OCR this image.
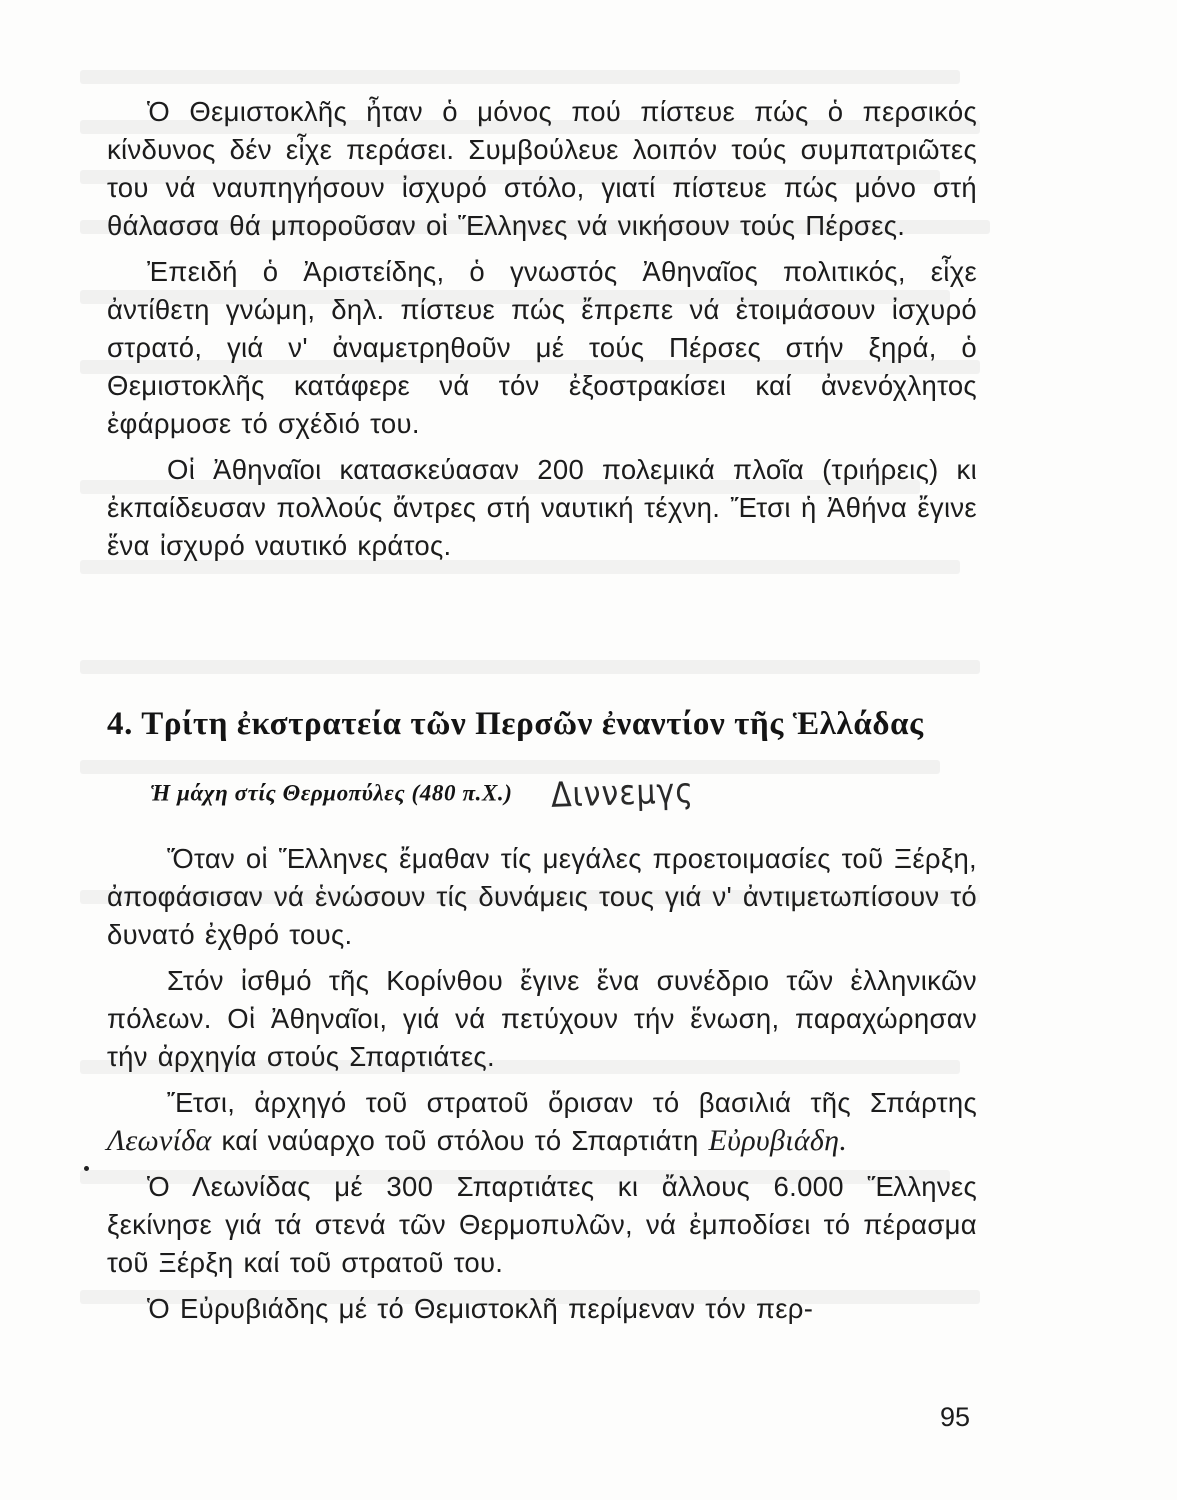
Ὁ Θεμιστοκλῆς ἦταν ὁ μόνος πού πίστευε πώς ὁ περσικός κίνδυνος δέν εἶχε περάσει. Συμβούλευε λοιπόν τούς συμπατριῶτες του νά ναυπηγήσουν ἰσχυρό στόλο, γιατί πίστευε πώς μόνο στή θάλασσα θά μποροῦσαν οἱ Ἕλληνες νά νικήσουν τούς Πέρσες.

Ἐπειδή ὁ Ἀριστείδης, ὁ γνωστός Ἀθηναῖος πολιτικός, εἶχε ἀντίθετη γνώμη, δηλ. πίστευε πώς ἔπρεπε νά ἑτοιμάσουν ἰσχυρό στρατό, γιά ν' ἀναμετρηθοῦν μέ τούς Πέρσες στήν ξηρά, ὁ Θεμιστοκλῆς κατάφερε νά τόν ἐξοστρακίσει καί ἀνενόχλητος ἐφάρμοσε τό σχέδιό του.

Οἱ Ἀθηναῖοι κατασκεύασαν 200 πολεμικά πλοῖα (τριήρεις) κι ἐκπαίδευσαν πολλούς ἄντρες στή ναυτική τέχνη. Ἔτσι ἡ Ἀθήνα ἔγινε ἕνα ἰσχυρό ναυτικό κράτος.

4. Τρίτη ἐκστρατεία τῶν Περσῶν ἐναντίον τῆς Ἑλλάδας
Ἡ μάχη στίς Θερμοπύλες (480 π.Χ.) Διννεμγς

Ὅταν οἱ Ἕλληνες ἔμαθαν τίς μεγάλες προετοιμασίες τοῦ Ξέρξη, ἀποφάσισαν νά ἑνώσουν τίς δυνάμεις τους γιά ν' ἀντιμετωπίσουν τό δυνατό ἐχθρό τους.

Στόν ἰσθμό τῆς Κορίνθου ἔγινε ἕνα συνέδριο τῶν ἑλληνικῶν πόλεων. Οἱ Ἀθηναῖοι, γιά νά πετύχουν τήν ἕνωση, παραχώρησαν τήν ἀρχηγία στούς Σπαρτιάτες.

Ἔτσι, ἀρχηγό τοῦ στρατοῦ ὅρισαν τό βασιλιά τῆς Σπάρτης Λεωνίδα καί ναύαρχο τοῦ στόλου τό Σπαρτιάτη Εὐρυβιάδη.

Ὁ Λεωνίδας μέ 300 Σπαρτιάτες κι ἄλλους 6.000 Ἕλληνες ξεκίνησε γιά τά στενά τῶν Θερμοπυλῶν, νά ἐμποδίσει τό πέρασμα τοῦ Ξέρξη καί τοῦ στρατοῦ του.

Ὁ Εὐρυβιάδης μέ τό Θεμιστοκλῆ περίμεναν τόν περ-

95
